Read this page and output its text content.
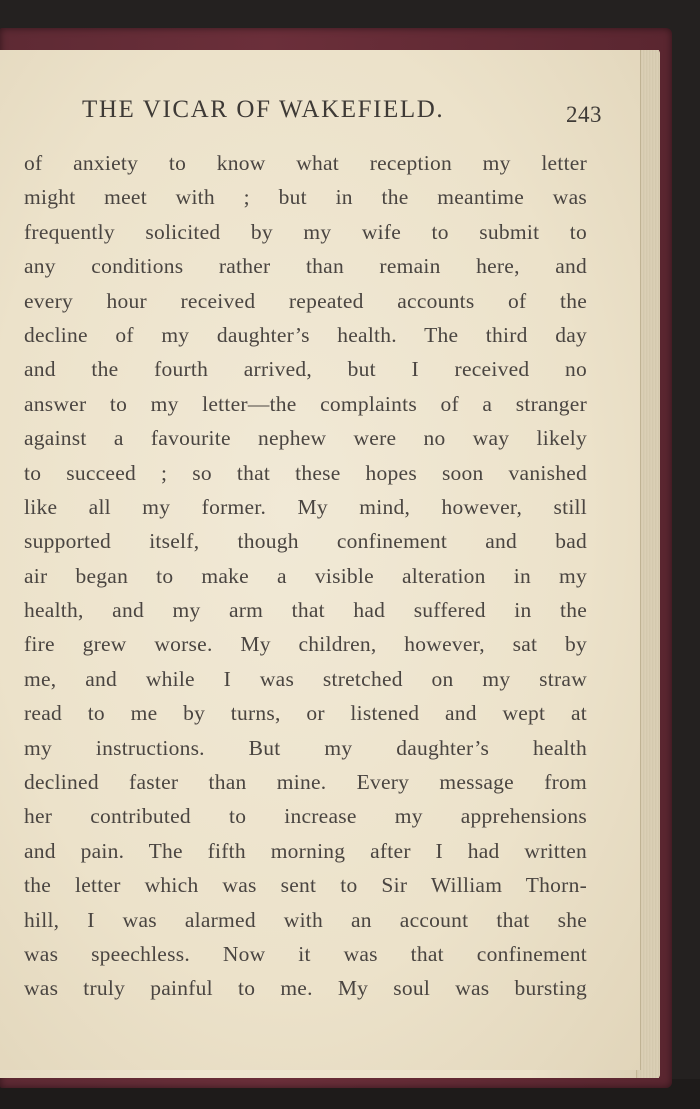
THE VICAR OF WAKEFIELD.	243
of anxiety to know what reception my letter
might meet with ; but in the meantime was
frequently solicited by my wife to submit to
any conditions rather than remain here, and
every hour received repeated accounts of the
decline of my daughter’s health. The third day
and the fourth arrived, but I received no
answer to my letter—the complaints of a stranger
against a favourite nephew were no way likely
to succeed ; so that these hopes soon vanished
like all my former. My mind, however, still
supported itself, though confinement and bad
air began to make a visible alteration in my
health, and my arm that had suffered in the
fire grew worse. My children, however, sat by
me, and while I was stretched on my straw
read to me by turns, or listened and wept at
my instructions. But my daughter’s health
declined faster than mine. Every message from
her contributed to increase my apprehensions
and pain. The fifth morning after I had written
the letter which was sent to Sir William Thorn-
hill, I was alarmed with an account that she
was speechless. Now it was that confinement
was truly painful to me. My soul was bursting
